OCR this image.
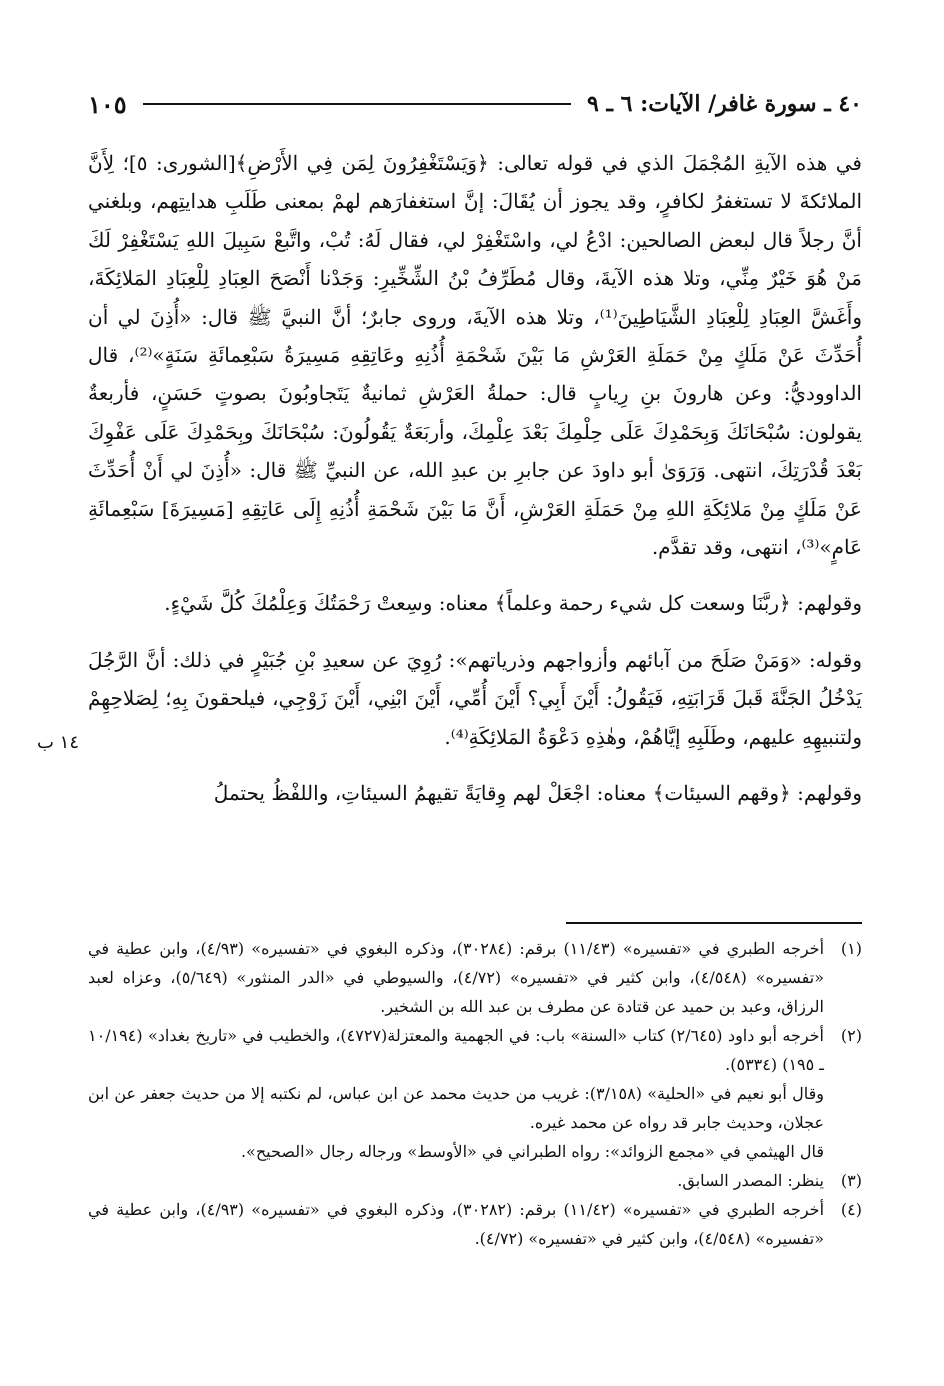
٤٠ ـ سورة غافر/ الآيات: ٦ ـ ٩
١٠٥
١٤ ب

في هذه الآيةِ المُجْمَلَ الذي في قوله تعالى: ﴿وَيَسْتَغْفِرُونَ لِمَن فِي الأَرْضِ﴾[الشورى: ٥]؛ لِأَنَّ الملائكةَ لا تستغفرُ لكافرٍ، وقد يجوز أن يُقَالَ: إنَّ استغفارَهم لهمْ بمعنى طَلَبِ هدايتِهم، وبلغني أنَّ رجلاً قال لبعض الصالحين: ادْعُ لي، واسْتَغْفِرْ لي، فقال لَهُ: تُبْ، واتَّبعْ سَبِيلَ اللهِ يَسْتَغْفِرْ لَكَ مَنْ هُوَ خَيْرٌ مِنِّي، وتلا هذه الآيةَ، وقال مُطَرِّفُ بْنُ الشِّخِّيرِ: وَجَدْنا أَنْصَحَ العِبَادِ لِلْعِبَادِ المَلائِكَةَ، وأَغَشَّ العِبَادِ لِلْعِبَادِ الشَّيَاطِينَ⁽¹⁾، وتلا هذه الآيةَ، وروى جابرٌ؛ أنَّ النبيَّ ﷺ قال: «أُذِنَ لي أن أُحَدِّثَ عَنْ مَلَكٍ مِنْ حَمَلَةِ العَرْشِ مَا بَيْنَ شَحْمَةِ أُذُنِهِ وعَاتِقِهِ مَسِيرَةُ سَبْعِمائَةِ سَنَةٍ»⁽²⁾، قال الداووديُّ: وعن هارونَ بنِ رِيابٍ قال: حملةُ العَرْشِ ثمانيةٌ يَتَجاوبُونَ بصوتٍ حَسَنٍ، فأربعةٌ يقولون: سُبْحَانَكَ وَبِحَمْدِكَ عَلَى حِلْمِكَ بَعْدَ عِلْمِكَ، وأربَعَةٌ يَقُولُونَ: سُبْحَانَكَ وبِحَمْدِكَ عَلَى عَفْوِكَ بَعْدَ قُدْرَتِكَ، انتهى. وَرَوَىٰ أبو داودَ عن جابرِ بن عبدِ الله، عن النبيِّ ﷺ قال: «أُذِنَ لي أَنْ أُحَدِّثَ عَنْ مَلَكٍ مِنْ مَلائِكَةِ اللهِ مِنْ حَمَلَةِ العَرْشِ، أَنَّ مَا بَيْنَ شَحْمَةِ أُذُنِهِ إِلَى عَاتِقِهِ [مَسِيرَةَ] سَبْعِمائَةِ عَامٍ»⁽³⁾، انتهى، وقد تقدَّم.

وقولهم: ﴿ربَّنَا وسعت كل شيء رحمة وعلماً﴾ معناه: وسِعتْ رَحْمَتُكَ وَعِلْمُكَ كُلَّ شَيْءٍ.

وقوله: «وَمَنْ صَلَحَ من آبائهم وأزواجهم وذرياتهم»: رُوِيَ عن سعيدِ بْنِ جُبَيْرٍ في ذلك: أنَّ الرَّجُلَ يَدْخُلُ الجَنَّةَ قَبلَ قَرَابَتِهِ، فَيَقُولُ: أَيْنَ أَبِي؟ أَيْنَ أُمِّي، أَيْنَ ابْنِي، أَيْنَ زَوْجِي، فيلحقونَ بِهِ؛ لِصَلاحِهِمْ ولتنبيهِهِ عليهم، وطَلَبِهِ إيَّاهُمْ، وهٰذِهِ دَعْوَةُ المَلائِكَةِ⁽⁴⁾.

وقولهم: ﴿وقهم السيئات﴾ معناه: اجْعَلْ لهم وِقايَةً تقيهمُ السيئاتِ، واللفْظُ يحتملُ

(١)
أخرجه الطبري في «تفسيره» (١١/٤٣) برقم: (٣٠٢٨٤)، وذكره البغوي في «تفسيره» (٤/٩٣)، وابن عطية في «تفسيره» (٤/٥٤٨)، وابن كثير في «تفسيره» (٤/٧٢)، والسيوطي في «الدر المنثور» (٥/٦٤٩)، وعزاه لعبد الرزاق، وعبد بن حميد عن قتادة عن مطرف بن عبد الله بن الشخير.
(٢)
أخرجه أبو داود (٢/٦٤٥) كتاب «السنة» باب: في الجهمية والمعتزلة(٤٧٢٧)، والخطيب في «تاريخ بغداد» (١٠/١٩٤ ـ ١٩٥) (٥٣٣٤).
وقال أبو نعيم في «الحلية» (٣/١٥٨): غريب من حديث محمد عن ابن عباس، لم نكتبه إلا من حديث جعفر عن ابن عجلان، وحديث جابر قد رواه عن محمد غيره.
قال الهيثمي في «مجمع الزوائد»: رواه الطبراني في «الأوسط» ورجاله رجال «الصحيح».
(٣)
ينظر: المصدر السابق.
(٤)
أخرجه الطبري في «تفسيره» (١١/٤٢) برقم: (٣٠٢٨٢)، وذكره البغوي في «تفسيره» (٤/٩٣)، وابن عطية في «تفسيره» (٤/٥٤٨)، وابن كثير في «تفسيره» (٤/٧٢).
